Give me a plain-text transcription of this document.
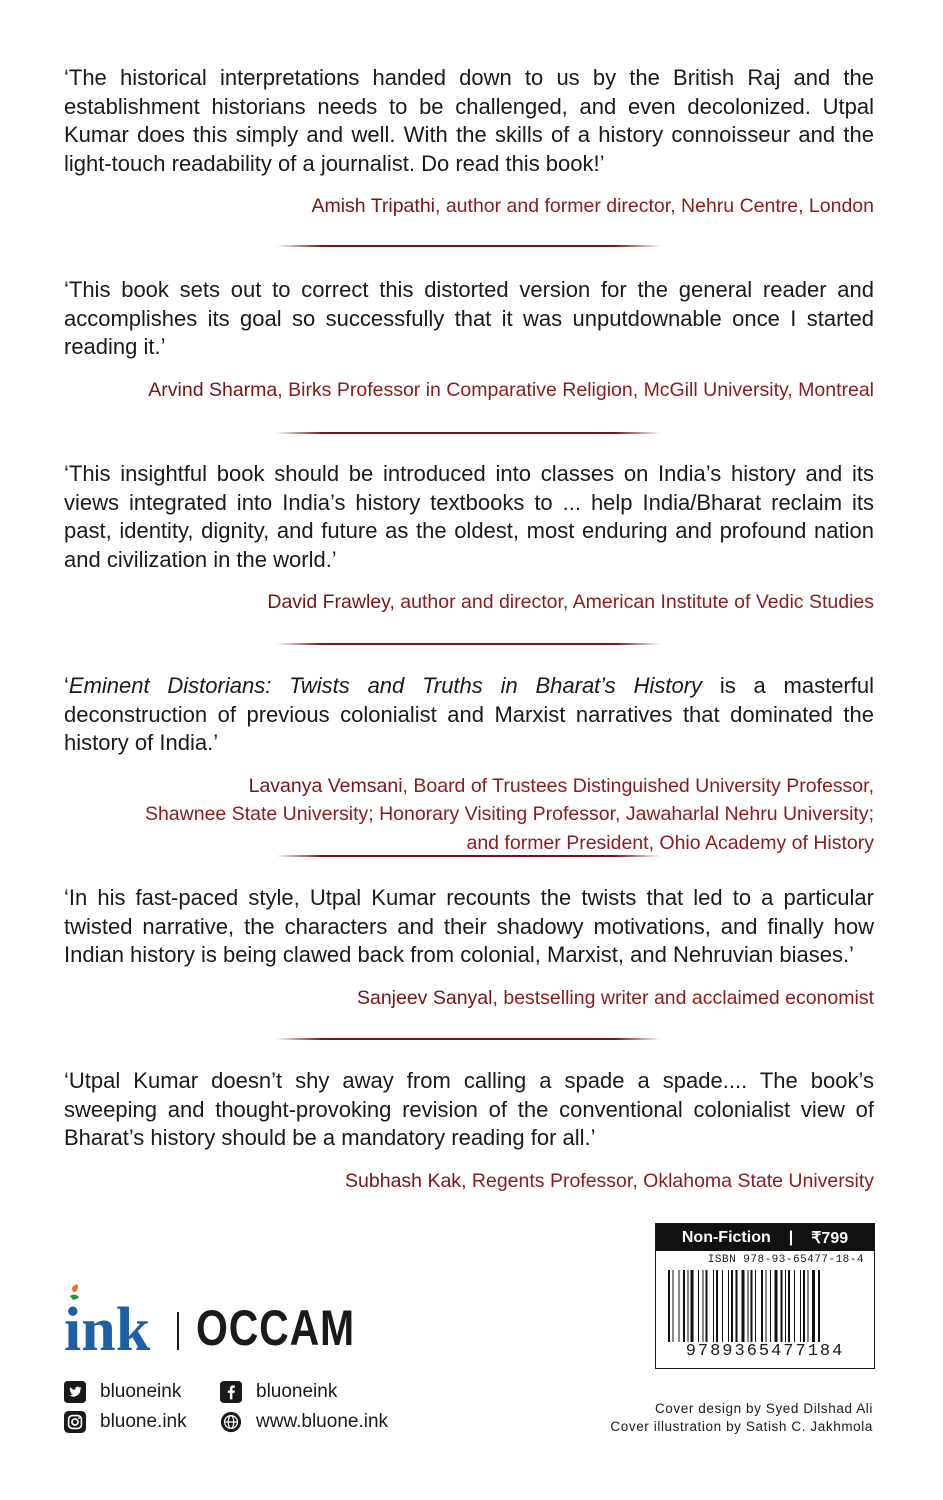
‘The historical interpretations handed down to us by the British Raj and the establishment historians needs to be challenged, and even decolonized. Utpal Kumar does this simply and well. With the skills of a history connoisseur and the light-touch readability of a journalist. Do read this book!’

Amish Tripathi, author and former director, Nehru Centre, London

‘This book sets out to correct this distorted version for the general reader and accomplishes its goal so successfully that it was unputdownable once I started reading it.’

Arvind Sharma, Birks Professor in Comparative Religion, McGill University, Montreal

‘This insightful book should be introduced into classes on India’s history and its views integrated into India’s history textbooks to ... help India/Bharat reclaim its past, identity, dignity, and future as the oldest, most enduring and profound nation and civilization in the world.’

David Frawley, author and director, American Institute of Vedic Studies

‘Eminent Distorians: Twists and Truths in Bharat’s History is a masterful deconstruction of previous colonialist and Marxist narratives that dominated the history of India.’

Lavanya Vemsani, Board of Trustees Distinguished University Professor,
Shawnee State University; Honorary Visiting Professor, Jawaharlal Nehru University;
and former President, Ohio Academy of History

‘In his fast-paced style, Utpal Kumar recounts the twists that led to a particular twisted narrative, the characters and their shadowy motivations, and finally how Indian history is being clawed back from colonial, Marxist, and Nehruvian biases.’

Sanjeev Sanyal, bestselling writer and acclaimed economist

‘Utpal Kumar doesn’t shy away from calling a spade a spade.... The book’s sweeping and thought-provoking revision of the conventional colonialist view of Bharat’s history should be a mandatory reading for all.’

Subhash Kak, Regents Professor, Oklahoma State University
ink OCCAM
bluoneink	bluoneink
bluone.ink	www.bluone.ink
Non-Fiction | ₹799
ISBN 978-93-65477-18-4
9789365477184
Cover design by Syed Dilshad Ali
Cover illustration by Satish C. Jakhmola
